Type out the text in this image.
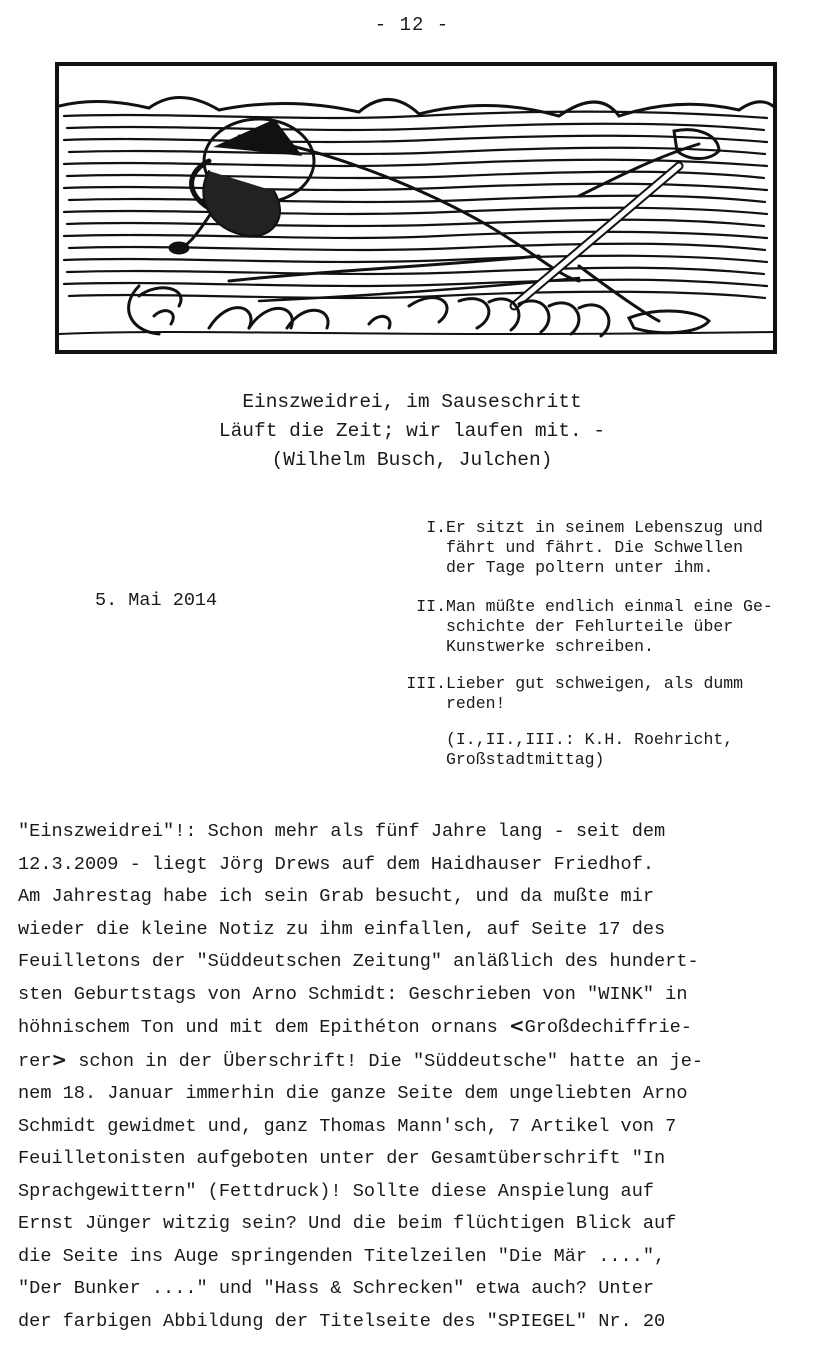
- 12 -
Einszweidrei, im Sauseschritt
Läuft die Zeit; wir laufen mit. -
(Wilhelm Busch, Julchen)
5. Mai 2014
I. Er sitzt in seinem Lebenszug und
fährt und fährt. Die Schwellen
der Tage poltern unter ihm.
II. Man müßte endlich einmal eine Ge-
schichte der Fehlurteile über
Kunstwerke schreiben.
III. Lieber gut schweigen, als dumm
reden!
(I.,II.,III.: K.H. Roehricht,
Großstadtmittag)
"Einszweidrei"!: Schon mehr als fünf Jahre lang - seit dem
12.3.2009 - liegt Jörg Drews auf dem Haidhauser Friedhof.
Am Jahrestag habe ich sein Grab besucht, und da mußte mir
wieder die kleine Notiz zu ihm einfallen, auf Seite 17 des
Feuilletons der "Süddeutschen Zeitung" anläßlich des hundert-
sten Geburtstags von Arno Schmidt: Geschrieben von "WINK" in
höhnischem Ton und mit dem Epithéton ornans <Großdechiffrie-
rer> schon in der Überschrift! Die "Süddeutsche" hatte an je-
nem 18. Januar immerhin die ganze Seite dem ungeliebten Arno
Schmidt gewidmet und, ganz Thomas Mann'sch, 7 Artikel von 7
Feuilletonisten aufgeboten unter der Gesamtüberschrift "In
Sprachgewittern" (Fettdruck)! Sollte diese Anspielung auf
Ernst Jünger witzig sein? Und die beim flüchtigen Blick auf
die Seite ins Auge springenden Titelzeilen "Die Mär ....",
"Der Bunker ...." und "Hass & Schrecken" etwa auch? Unter
der farbigen Abbildung der Titelseite des "SPIEGEL" Nr. 20
